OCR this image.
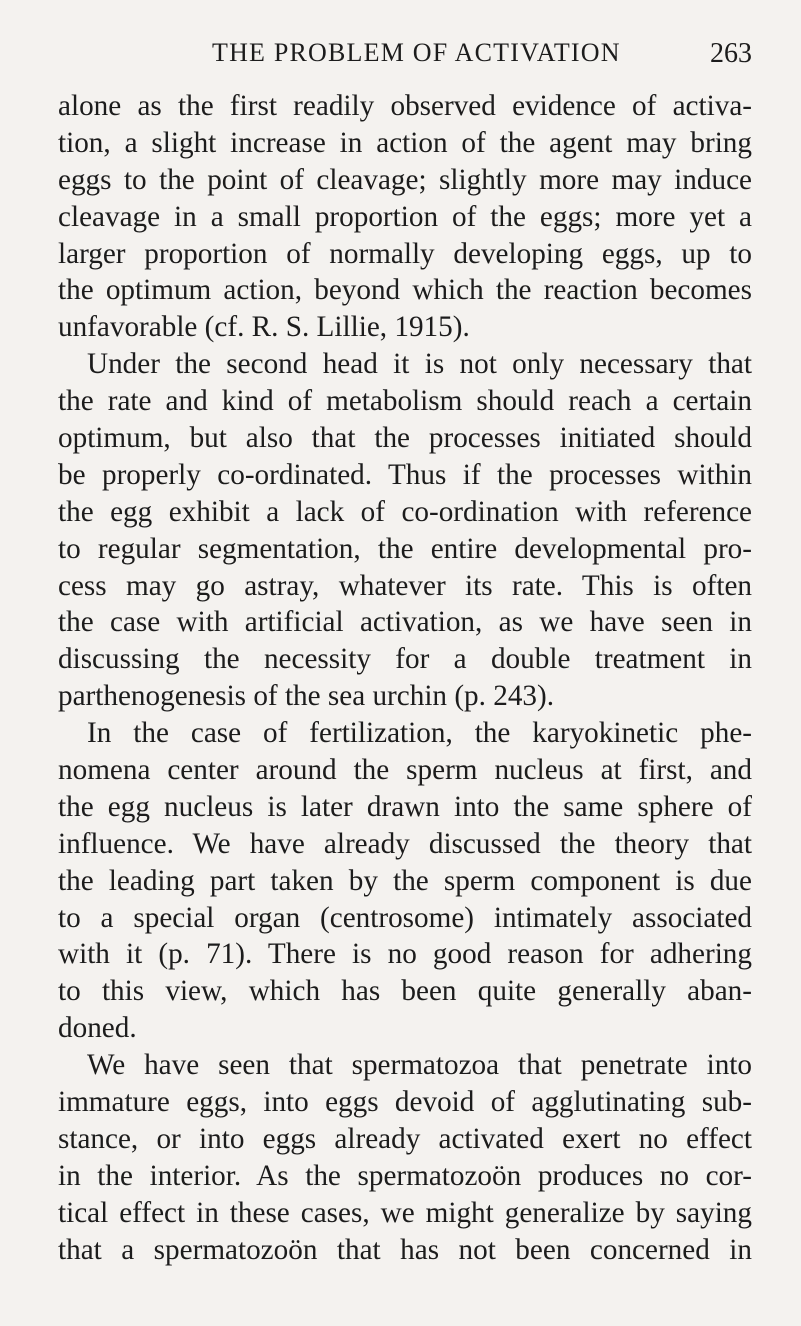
THE PROBLEM OF ACTIVATION	263
alone as the first readily observed evidence of activa-
tion, a slight increase in action of the agent may bring
eggs to the point of cleavage; slightly more may induce
cleavage in a small proportion of the eggs; more yet a
larger proportion of normally developing eggs, up to
the optimum action, beyond which the reaction becomes
unfavorable (cf. R. S. Lillie, 1915).
Under the second head it is not only necessary that
the rate and kind of metabolism should reach a certain
optimum, but also that the processes initiated should
be properly co-ordinated. Thus if the processes within
the egg exhibit a lack of co-ordination with reference
to regular segmentation, the entire developmental pro-
cess may go astray, whatever its rate. This is often
the case with artificial activation, as we have seen in
discussing the necessity for a double treatment in
parthenogenesis of the sea urchin (p. 243).
In the case of fertilization, the karyokinetic phe-
nomena center around the sperm nucleus at first, and
the egg nucleus is later drawn into the same sphere of
influence. We have already discussed the theory that
the leading part taken by the sperm component is due
to a special organ (centrosome) intimately associated
with it (p. 71). There is no good reason for adhering
to this view, which has been quite generally aban-
doned.
We have seen that spermatozoa that penetrate into
immature eggs, into eggs devoid of agglutinating sub-
stance, or into eggs already activated exert no effect
in the interior. As the spermatozoön produces no cor-
tical effect in these cases, we might generalize by saying
that a spermatozoön that has not been concerned in
